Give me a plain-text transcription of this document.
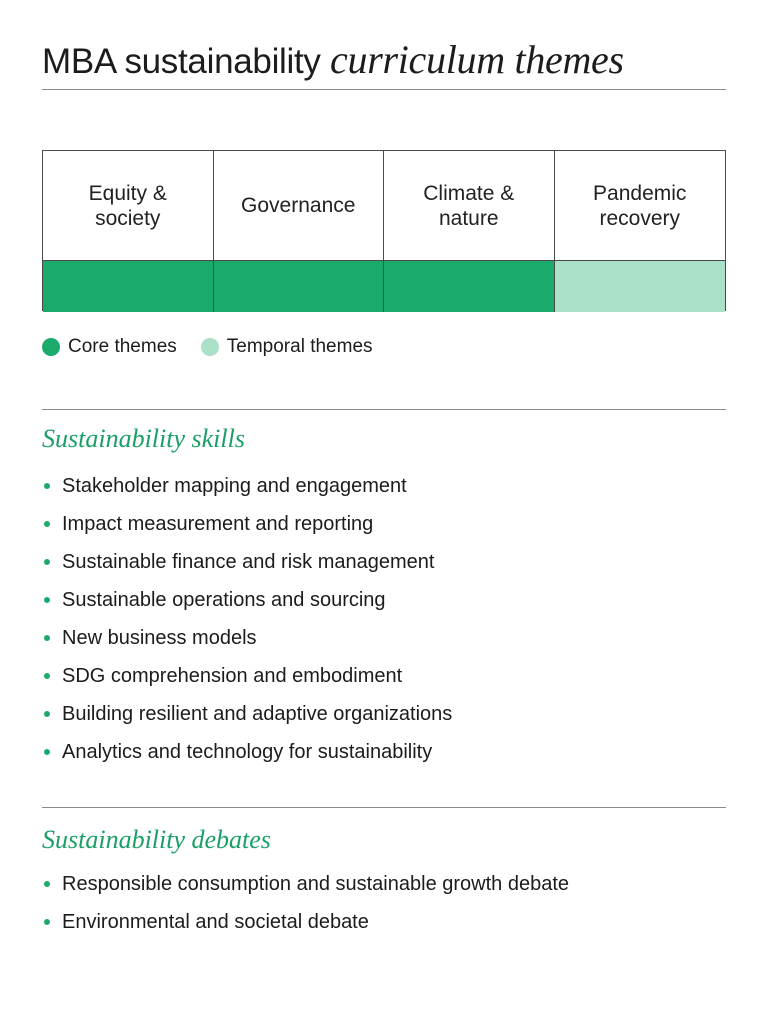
MBA sustainability curriculum themes
Equity &
society
Governance
Climate &
nature
Pandemic
recovery
Core themes	Temporal themes
Sustainability skills
Stakeholder mapping and engagement
Impact measurement and reporting
Sustainable finance and risk management
Sustainable operations and sourcing
New business models
SDG comprehension and embodiment
Building resilient and adaptive organizations
Analytics and technology for sustainability
Sustainability debates
Responsible consumption and sustainable growth debate
Environmental and societal debate
